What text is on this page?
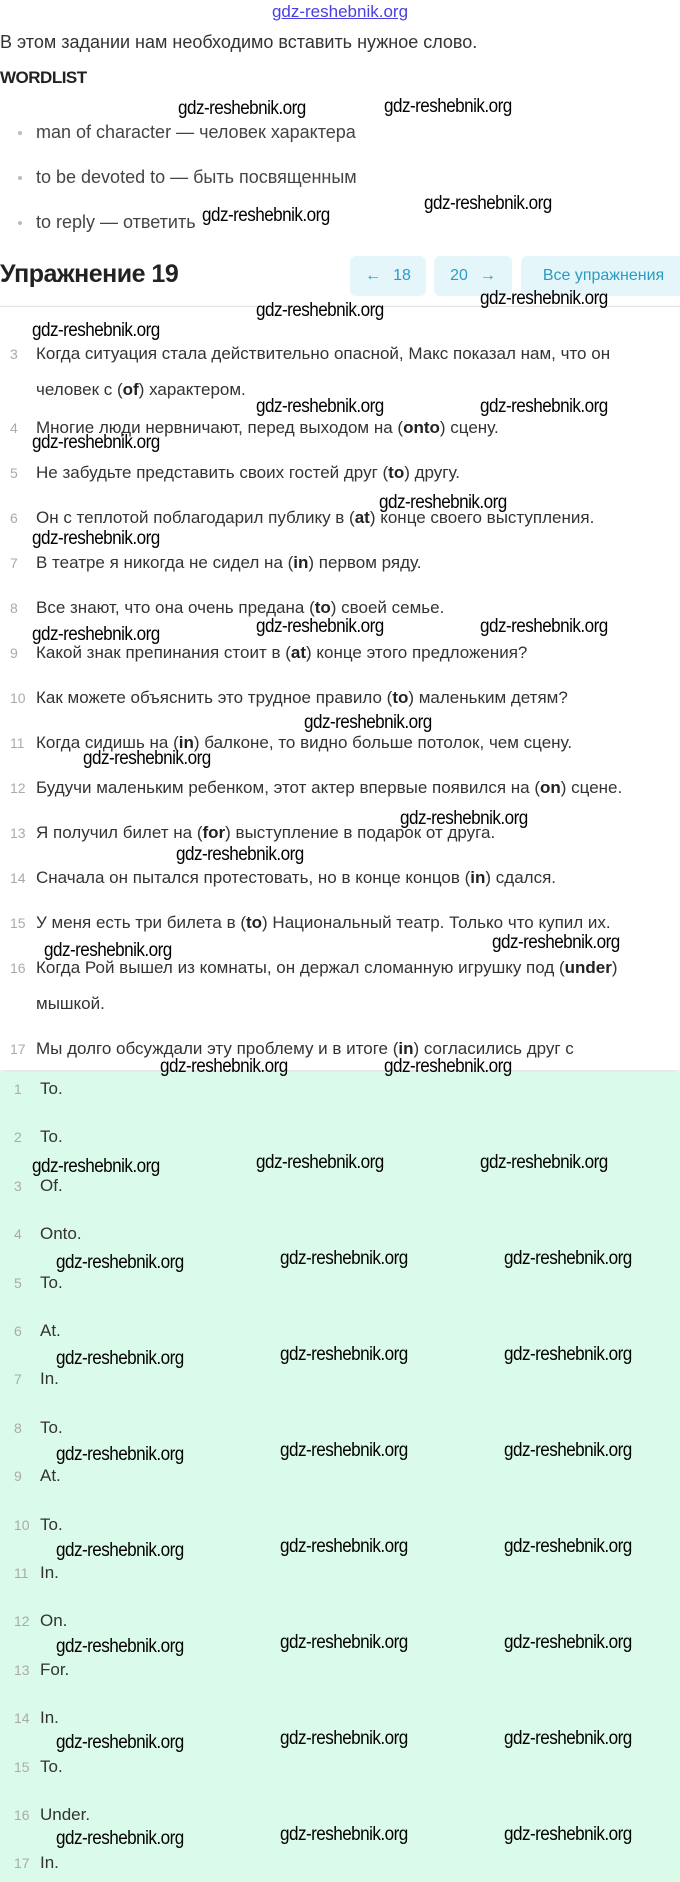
gdz-reshebnik.org
В этом задании нам необходимо вставить нужное слово.
WORDLIST
man of character — человек характера
to be devoted to — быть посвященным
to reply — ответить
Упражнение 19	← 18 20 →	Все упражнения
3 Когда ситуация стала действительно опасной, Макс показал нам, что он
человек с (of) характером.
4 Многие люди нервничают, перед выходом на (onto) сцену.
5 Не забудьте представить своих гостей друг (to) другу.
6 Он с теплотой поблагодарил публику в (at) конце своего выступления.
7 В театре я никогда не сидел на (in) первом ряду.
8 Все знают, что она очень предана (to) своей семье.
9 Какой знак препинания стоит в (at) конце этого предложения?
10 Как можете объяснить это трудное правило (to) маленьким детям?
11 Когда сидишь на (in) балконе, то видно больше потолок, чем сцену.
12 Будучи маленьким ребенком, этот актер впервые появился на (on) сцене.
13 Я получил билет на (for) выступление в подарок от друга.
14 Сначала он пытался протестовать, но в конце концов (in) сдался.
15 У меня есть три билета в (to) Национальный театр. Только что купил их.
16 Когда Рой вышел из комнаты, он держал сломанную игрушку под (under)
мышкой.
17 Мы долго обсуждали эту проблему и в итоге (in) согласились друг с
1 To.
2 To.
3 Of.
4 Onto.
5 To.
6 At.
7 In.
8 To.
9 At.
10 To.
11 In.
12 On.
13 For.
14 In.
15 To.
16 Under.
17 In.
gdz-reshebnik.org	gdz-reshebnik.org
gdz-reshebnik.org
gdz-reshebnik.org
gdz-reshebnik.org
gdz-reshebnik.org
gdz-reshebnik.org
gdz-reshebnik.org	gdz-reshebnik.org
gdz-reshebnik.org
gdz-reshebnik.org
gdz-reshebnik.org
gdz-reshebnik.org	gdz-reshebnik.org	gdz-reshebnik.org
gdz-reshebnik.org
gdz-reshebnik.org
gdz-reshebnik.org
gdz-reshebnik.org
gdz-reshebnik.org	gdz-reshebnik.org
gdz-reshebnik.org	gdz-reshebnik.org
gdz-reshebnik.org	gdz-reshebnik.org	gdz-reshebnik.org
gdz-reshebnik.org	gdz-reshebnik.org	gdz-reshebnik.org
gdz-reshebnik.org	gdz-reshebnik.org	gdz-reshebnik.org
gdz-reshebnik.org	gdz-reshebnik.org	gdz-reshebnik.org
gdz-reshebnik.org	gdz-reshebnik.org	gdz-reshebnik.org
gdz-reshebnik.org	gdz-reshebnik.org	gdz-reshebnik.org
gdz-reshebnik.org	gdz-reshebnik.org	gdz-reshebnik.org
gdz-reshebnik.org	gdz-reshebnik.org	gdz-reshebnik.org
